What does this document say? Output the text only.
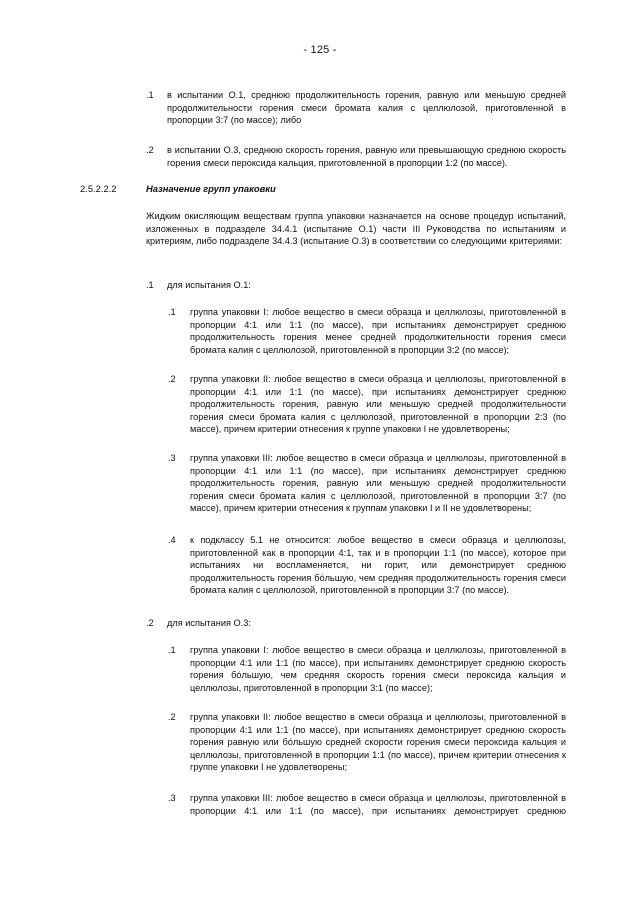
- 125 -
.1	в испытании О.1, среднюю продолжительность горения, равную или меньшую средней продолжительности горения смеси бромата калия с целлюлозой, приготовленной в пропорции 3:7 (по массе); либо
.2	в испытании О.3, среднюю скорость горения, равную или превышающую среднюю скорость горения смеси пероксида кальция, приготовленной в пропорции 1:2 (по массе).
2.5.2.2.2	Назначение групп упаковки
Жидким окисляющим веществам группа упаковки назначается на основе процедур испытаний, изложенных в подразделе 34.4.1 (испытание О.1) части III Руководства по испытаниям и критериям, либо подразделе 34.4.3 (испытание О.3) в соответствии со следующими критериями:
.1	для испытания О.1:
.1	группа упаковки I: любое вещество в смеси образца и целлюлозы, приготовленной в пропорции 4:1 или 1:1 (по массе), при испытаниях демонстрирует среднюю продолжительность горения менее средней продолжительности горения смеси бромата калия с целлюлозой, приготовленной в пропорции 3:2 (по массе);
.2	группа упаковки II: любое вещество в смеси образца и целлюлозы, приготовленной в пропорции 4:1 или 1:1 (по массе), при испытаниях демонстрирует среднюю продолжительность горения, равную или меньшую средней продолжительности горения смеси бромата калия с целлюлозой, приготовленной в пропорции 2:3 (по массе), причем критерии отнесения к группе упаковки I не удовлетворены;
.3	группа упаковки III: любое вещество в смеси образца и целлюлозы, приготовленной в пропорции 4:1 или 1:1 (по массе), при испытаниях демонстрирует среднюю продолжительность горения, равную или меньшую средней продолжительности горения смеси бромата калия с целлюлозой, приготовленной в пропорции 3:7 (по массе), причем критерии отнесения к группам упаковки I и II не удовлетворены;
.4	к подклассу 5.1 не относится: любое вещество в смеси образца и целлюлозы, приготовленной как в пропорции 4:1, так и в пропорции 1:1 (по массе), которое при испытаниях ни воспламеняется, ни горит, или демонстрирует среднюю продолжительность горения бóльшую, чем средняя продолжительность горения смеси бромата калия с целлюлозой, приготовленной в пропорции 3:7 (по массе).
.2	для испытания О.3:
.1	группа упаковки I: любое вещество в смеси образца и целлюлозы, приготовленной в пропорции 4:1 или 1:1 (по массе), при испытаниях демонстрирует среднюю скорость горения бóльшую, чем средняя скорость горения смеси пероксида кальция и целлюлозы, приготовленной в пропорции 3:1 (по массе);
.2	группа упаковки II: любое вещество в смеси образца и целлюлозы, приготовленной в пропорции 4:1 или 1:1 (по массе), при испытаниях демонстрирует среднюю скорость горения равную или бóльшую средней скорости горения смеси пероксида кальция и целлюлозы, приготовленной в пропорции 1:1 (по массе), причем критерии отнесения к группе упаковки I не удовлетворены;
.3	группа упаковки III: любое вещество в смеси образца и целлюлозы, приготовленной в пропорции 4:1 или 1:1 (по массе), при испытаниях демонстрирует среднюю
